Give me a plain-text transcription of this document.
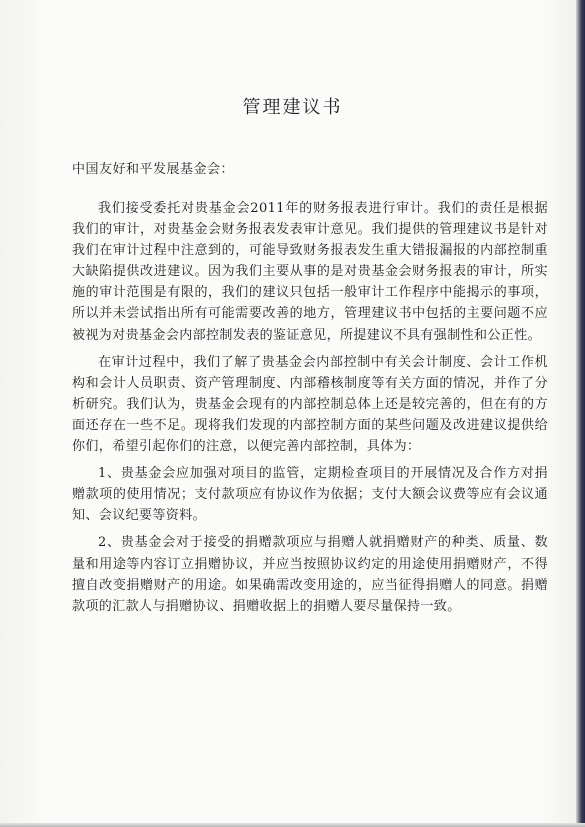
管理建议书
中国友好和平发展基金会：

我们接受委托对贵基金会2011年的财务报表进行审计。我们的责任是根据我们的审计，对贵基金会财务报表发表审计意见。我们提供的管理建议书是针对我们在审计过程中注意到的，可能导致财务报表发生重大错报漏报的内部控制重大缺陷提供改进建议。因为我们主要从事的是对贵基金会财务报表的审计，所实施的审计范围是有限的，我们的建议只包括一般审计工作程序中能揭示的事项，所以并未尝试指出所有可能需要改善的地方，管理建议书中包括的主要问题不应被视为对贵基金会内部控制发表的鉴证意见，所提建议不具有强制性和公正性。

在审计过程中，我们了解了贵基金会内部控制中有关会计制度、会计工作机构和会计人员职责、资产管理制度、内部稽核制度等有关方面的情况，并作了分析研究。我们认为，贵基金会现有的内部控制总体上还是较完善的，但在有的方面还存在一些不足。现将我们发现的内部控制方面的某些问题及改进建议提供给你们，希望引起你们的注意，以便完善内部控制，具体为：

1、贵基金会应加强对项目的监管，定期检查项目的开展情况及合作方对捐赠款项的使用情况；支付款项应有协议作为依据；支付大额会议费等应有会议通知、会议纪要等资料。

2、贵基金会对于接受的捐赠款项应与捐赠人就捐赠财产的种类、质量、数量和用途等内容订立捐赠协议，并应当按照协议约定的用途使用捐赠财产，不得擅自改变捐赠财产的用途。如果确需改变用途的，应当征得捐赠人的同意。捐赠款项的汇款人与捐赠协议、捐赠收据上的捐赠人要尽量保持一致。
